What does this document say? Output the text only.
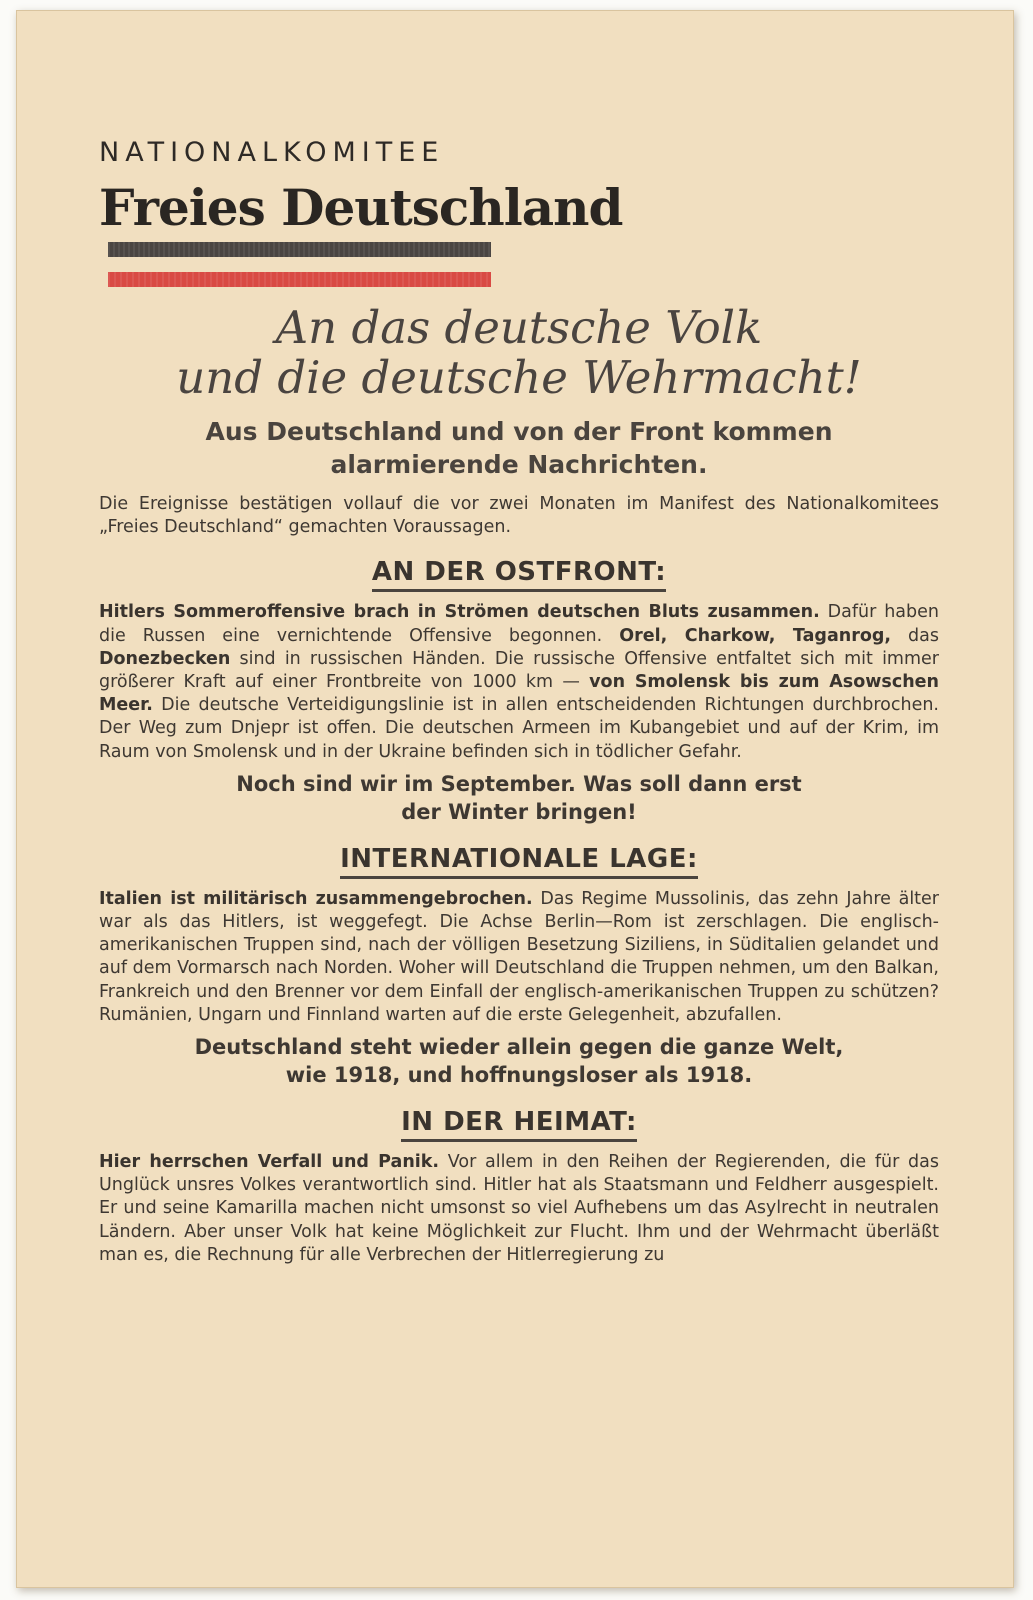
NATIONALKOMITEE
Freies Deutschland
An das deutsche Volk
und die deutsche Wehrmacht!
Aus Deutschland und von der Front kommen
alarmierende Nachrichten.

Die Ereignisse bestätigen vollauf die vor zwei Monaten im Manifest des Nationalkomitees „Freies Deutschland“ gemachten Voraussagen.

AN DER OSTFRONT:

Hitlers Sommeroffensive brach in Strömen deutschen Bluts zusammen. Dafür haben die Russen eine vernichtende Offensive begonnen. Orel, Charkow, Taganrog, das Donezbecken sind in russischen Händen. Die russische Offensive entfaltet sich mit immer größerer Kraft auf einer Frontbreite von 1000 km — von Smolensk bis zum Asowschen Meer. Die deutsche Verteidigungslinie ist in allen entscheidenden Richtungen durchbrochen. Der Weg zum Dnjepr ist offen. Die deutschen Armeen im Kubangebiet und auf der Krim, im Raum von Smolensk und in der Ukraine befinden sich in tödlicher Gefahr.

Noch sind wir im September. Was soll dann erst
der Winter bringen!
INTERNATIONALE LAGE:

Italien ist militärisch zusammengebrochen. Das Regime Mussolinis, das zehn Jahre älter war als das Hitlers, ist weggefegt. Die Achse Berlin—Rom ist zerschlagen. Die englisch-amerikanischen Truppen sind, nach der völligen Besetzung Siziliens, in Süditalien gelandet und auf dem Vormarsch nach Norden. Woher will Deutschland die Truppen nehmen, um den Balkan, Frankreich und den Brenner vor dem Einfall der englisch-amerikanischen Truppen zu schützen? Rumänien, Ungarn und Finnland warten auf die erste Gelegenheit, abzufallen.

Deutschland steht wieder allein gegen die ganze Welt,
wie 1918, und hoffnungsloser als 1918.
IN DER HEIMAT:

Hier herrschen Verfall und Panik. Vor allem in den Reihen der Regierenden, die für das Unglück unsres Volkes verantwortlich sind. Hitler hat als Staatsmann und Feldherr ausgespielt. Er und seine Kamarilla machen nicht umsonst so viel Aufhebens um das Asylrecht in neutralen Ländern. Aber unser Volk hat keine Möglichkeit zur Flucht. Ihm und der Wehrmacht überläßt man es, die Rechnung für alle Verbrechen der Hitlerregierung zu
